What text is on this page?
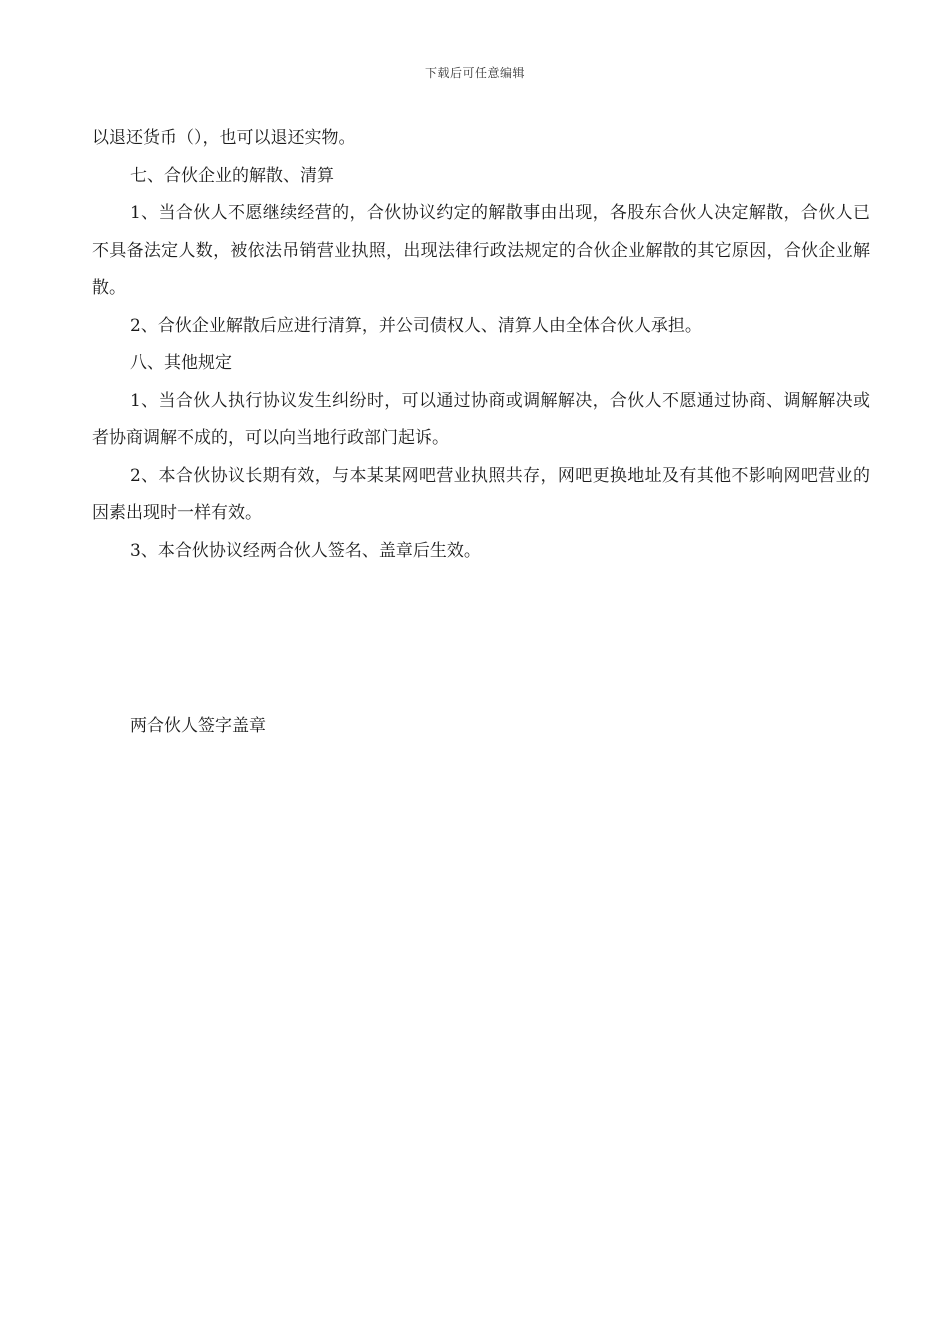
下载后可任意编辑

以退还货币（），也可以退还实物。

七、合伙企业的解散、清算

1、当合伙人不愿继续经营的，合伙协议约定的解散事由出现，各股东合伙人决定解散，合伙人已不具备法定人数，被依法吊销营业执照，出现法律行政法规定的合伙企业解散的其它原因，合伙企业解散。

2、合伙企业解散后应进行清算，并公司债权人、清算人由全体合伙人承担。

八、其他规定

1、当合伙人执行协议发生纠纷时，可以通过协商或调解解决，合伙人不愿通过协商、调解解决或者协商调解不成的，可以向当地行政部门起诉。

2、本合伙协议长期有效，与本某某网吧营业执照共存，网吧更换地址及有其他不影响网吧营业的因素出现时一样有效。

3、本合伙协议经两合伙人签名、盖章后生效。

两合伙人签字盖章
